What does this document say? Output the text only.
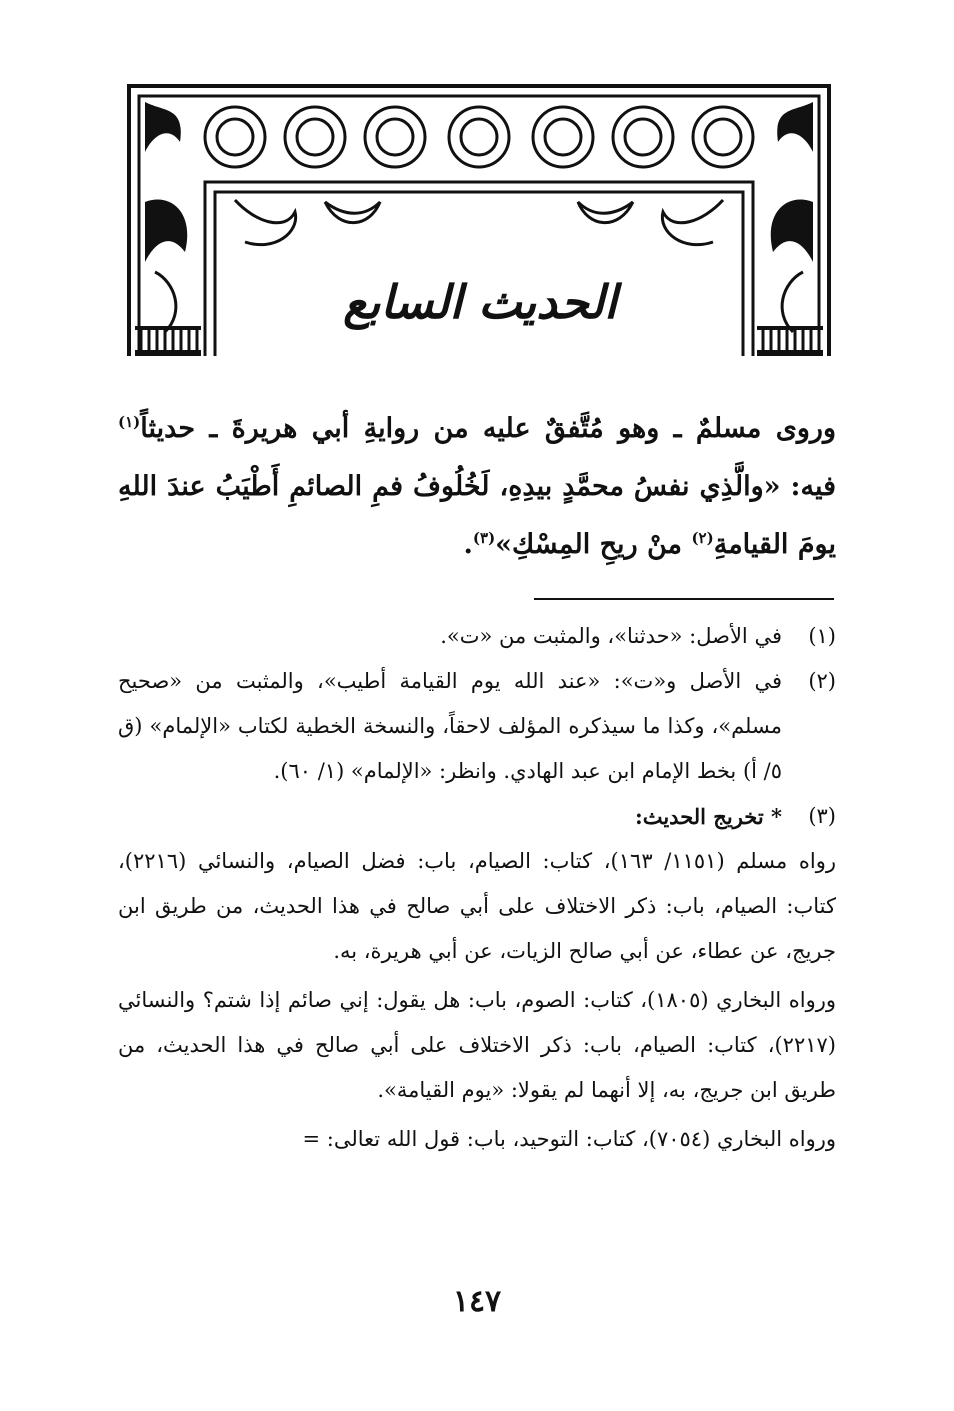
الحديث السابع

وروى مسلمٌ ـ وهو مُتَّفقٌ عليه من روايةِ أبي هريرةَ ـ حديثاً$^{(١)}$ فيه: «والَّذِي نفسُ محمَّدٍ بيدِهِ، لَخُلُوفُ فمِ الصائمِ أَطْيَبُ عندَ اللهِ يومَ القيامةِ$^{(٢)}$ منْ ريحِ المِسْكِ»$^{(٣)}$.

(١)
في الأصل: «حدثنا»، والمثبت من «ت».
(٢)
في الأصل و«ت»: «عند الله يوم القيامة أطيب»، والمثبت من «صحيح مسلم»، وكذا ما سيذكره المؤلف لاحقاً، والنسخة الخطية لكتاب «الإلمام» (ق ٥/ أ) بخط الإمام ابن عبد الهادي. وانظر: «الإلمام» (١/ ٦٠).
(٣)
* تخريج الحديث:

رواه مسلم (١١٥١/ ١٦٣)، كتاب: الصيام، باب: فضل الصيام، والنسائي (٢٢١٦)، كتاب: الصيام، باب: ذكر الاختلاف على أبي صالح في هذا الحديث، من طريق ابن جريج، عن عطاء، عن أبي صالح الزيات، عن أبي هريرة، به.

ورواه البخاري (١٨٠٥)، كتاب: الصوم، باب: هل يقول: إني صائم إذا شتم؟ والنسائي (٢٢١٧)، كتاب: الصيام، باب: ذكر الاختلاف على أبي صالح في هذا الحديث، من طريق ابن جريج، به، إلا أنهما لم يقولا: «يوم القيامة».

ورواه البخاري (٧٠٥٤)، كتاب: التوحيد، باب: قول الله تعالى: =

١٤٧
